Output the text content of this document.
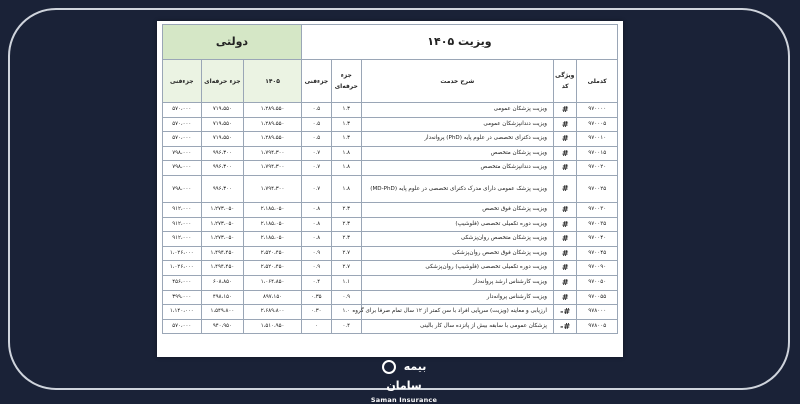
ویزیت ۱۴۰۵					دولتی		
کدملی	ویژگی کد	شرح خدمت	جزء حرفه‌ای	جزءفنی	۱۴۰۵	جزء حرفه‌ای	جزءفنی
۹۷۰۰۰۰	#	ویزیت پزشکان عمومی	۱.۳	۰.۵	۱،۲۸۹،۵۵۰	۷۱۹،۵۵۰	۵۷۰،۰۰۰
۹۷۰۰۰۵	#	ویزیت دندانپزشکان عمومی	۱.۳	۰.۵	۱،۲۸۹،۵۵۰	۷۱۹،۵۵۰	۵۷۰،۰۰۰
۹۷۰۰۱۰	#	ویزیت دکترای تخصصی در علوم پایه (PhD) پروانه‌دار	۱.۳	۰.۵	۱،۲۸۹،۵۵۰	۷۱۹،۵۵۰	۵۷۰،۰۰۰
۹۷۰۰۱۵	#	ویزیت پزشکان متخصص	۱.۸	۰.۷	۱،۷۹۴،۳۰۰	۹۹۶،۳۰۰	۷۹۸،۰۰۰
۹۷۰۰۲۰	#	ویزیت دندانپزشکان متخصص	۱.۸	۰.۷	۱،۷۹۴،۳۰۰	۹۹۶،۳۰۰	۷۹۸،۰۰۰
۹۷۰۰۲۵	#	ویزیت پزشک عمومی دارای مدرک دکترای تخصصی در علوم پایه (MD-PhD)	۱.۸	۰.۷	۱،۷۹۴،۳۰۰	۹۹۶،۳۰۰	۷۹۸،۰۰۰
۹۷۰۰۳۰	#	ویزیت پزشکان فوق تخصص	۲.۳	۰.۸	۲،۱۸۵،۰۵۰	۱،۲۷۳،۰۵۰	۹۱۲،۰۰۰
۹۷۰۰۳۵	#	ویزیت دوره تکمیلی تخصصی (فلوشیپ)	۲.۳	۰.۸	۲،۱۸۵،۰۵۰	۱،۲۷۳،۰۵۰	۹۱۲،۰۰۰
۹۷۰۰۴۰	#	ویزیت پزشکان متخصص روان‌پزشکی	۲.۳	۰.۸	۲،۱۸۵،۰۵۰	۱،۲۷۳،۰۵۰	۹۱۲،۰۰۰
۹۷۰۰۴۵	#	ویزیت پزشکان فوق تخصص روان‌پزشکی	۲.۷	۰.۹	۲،۵۲۰،۴۵۰	۱،۴۹۴،۴۵۰	۱،۰۲۶،۰۰۰
۹۷۰۰۹۰	#	ویزیت دوره تکمیلی تخصصی (فلوشیپ) روان‌پزشکی	۲.۷	۰.۹	۲،۵۲۰،۴۵۰	۱،۴۹۴،۴۵۰	۱،۰۲۶،۰۰۰
۹۷۰۰۵۰	#	ویزیت کارشناس ارشد پروانه‌دار	۱.۱	۰.۴	۱،۰۶۴،۸۵۰	۶۰۸،۸۵۰	۴۵۶،۰۰۰
۹۷۰۰۵۵	#	ویزیت کارشناس پروانه‌دار	۰.۹	۰.۳۵	۸۹۷،۱۵۰	۴۹۸،۱۵۰	۳۹۹،۰۰۰
۹۷۸۰۰۰	#-	ارزیابی و معاینه (ویزیت) سرپایی افراد با سن کمتر از ۱۲ سال تمام صرفا برای گروه	۱.۰	۰.۳۰	۲،۶۸۹،۸۰۰	۱،۵۴۹،۸۰۰	۱،۱۴۰،۰۰۰
۹۷۸۰۰۵	#-	پزشکان عمومی با سابقه بیش از پانزده سال کار بالینی	۰.۴	۰	۱،۵۱۰،۹۵۰	۹۴۰،۹۵۰	۵۷۰،۰۰۰
بیمه سامان
Saman Insurance
